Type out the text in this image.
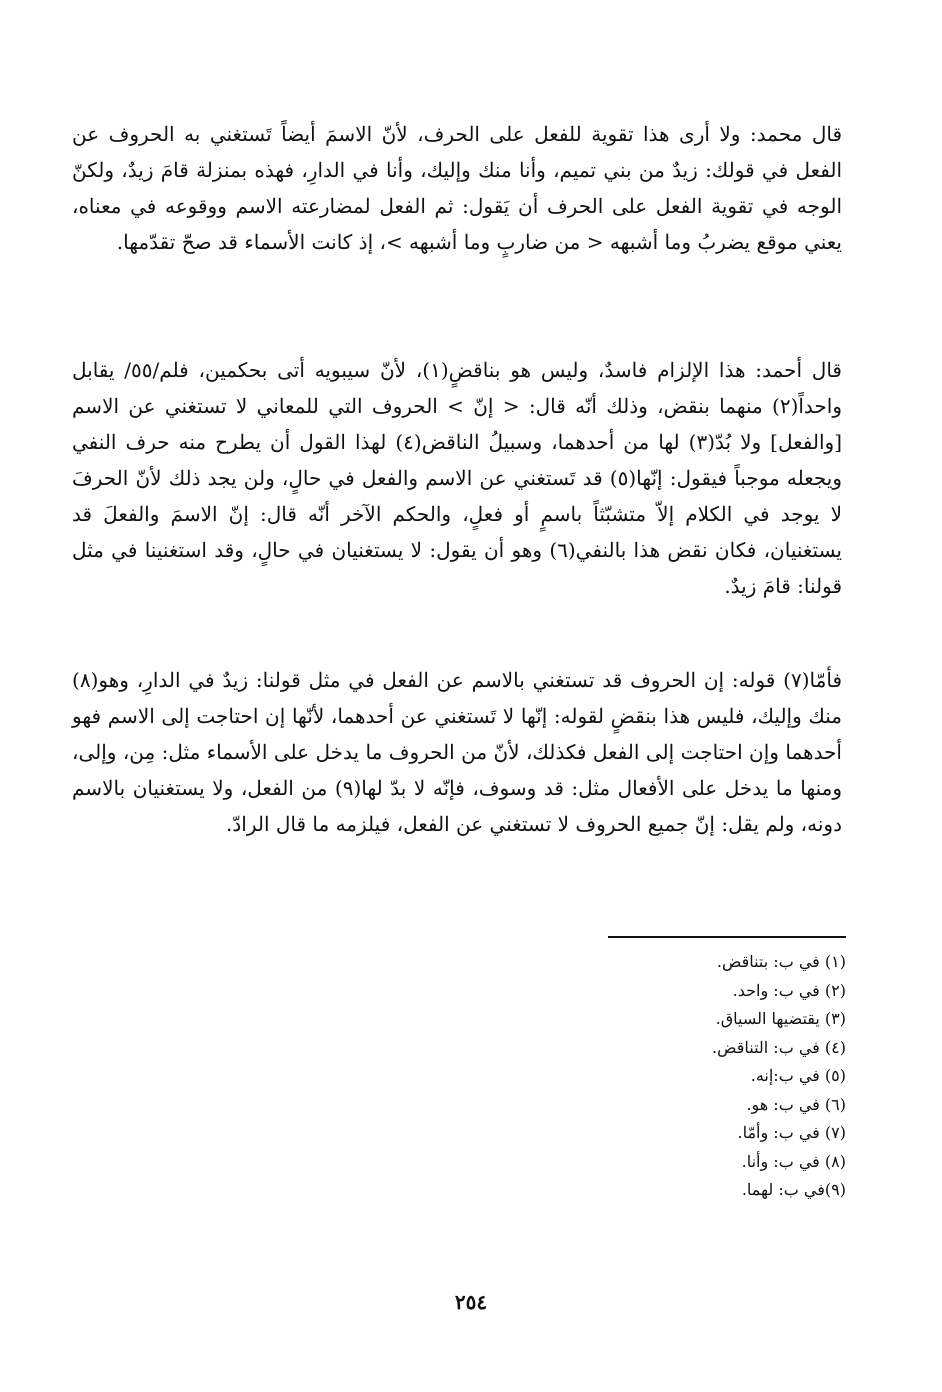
قال محمد: ولا أرى هذا تقوية للفعل على الحرف، لأنّ الاسمَ أيضاً تَستغني به الحروف عن الفعل في قولك: زيدٌ من بني تميم، وأنا منك وإليك، وأنا في الدارِ، فهذه بمنزلة قامَ زيدٌ، ولكنّ الوجه في تقوية الفعل على الحرف أن يَقول: ثم الفعل لمضارعته الاسم ووقوعه في معناه، يعني موقع يضربُ وما أشبهه < من ضاربٍ وما أشبهه >، إذ كانت الأسماء قد صحّ تقدّمها.

قال أحمد: هذا الإلزام فاسدٌ، وليس هو بناقضٍ(١)، لأنّ سيبويه أتى بحكمين، فلم/٥٥/ يقابل واحداً(٢) منهما بنقض، وذلك أنّه قال: < إنّ > الحروف التي للمعاني لا تستغني عن الاسم [والفعل] ولا بُدّ(٣) لها من أحدهما، وسبيلُ الناقض(٤) لهذا القول أن يطرح منه حرف النفي ويجعله موجباً فيقول: إنّها(٥) قد تَستغني عن الاسم والفعل في حالٍ، ولن يجد ذلك لأنّ الحرفَ لا يوجد في الكلام إلاّ متشبّثاً باسمٍ أو فعلٍ، والحكم الآخر أنّه قال: إنّ الاسمَ والفعلَ قد يستغنيان، فكان نقض هذا بالنفي(٦) وهو أن يقول: لا يستغنيان في حالٍ، وقد استغنينا في مثل قولنا: قامَ زيدٌ.

فأمّا(٧) قوله: إن الحروف قد تستغني بالاسم عن الفعل في مثل قولنا: زيدٌ في الدارِ، وهو(٨) منك وإليك، فليس هذا بنقضٍ لقوله: إنّها لا تَستغني عن أحدهما، لأنّها إن احتاجت إلى الاسم فهو أحدهما وإن احتاجت إلى الفعل فكذلك، لأنّ من الحروف ما يدخل على الأسماء مثل: مِن، وإلى، ومنها ما يدخل على الأفعال مثل: قد وسوف، فإنّه لا بدّ لها(٩) من الفعل، ولا يستغنيان بالاسم دونه، ولم يقل: إنّ جميع الحروف لا تستغني عن الفعل، فيلزمه ما قال الرادّ.

(١) في ب: بتناقض.
(٢) في ب: واحد.
(٣) يقتضيها السياق.
(٤) في ب: التناقض.
(٥) في ب:إنه.
(٦) في ب: هو.
(٧) في ب: وأمّا.
(٨) في ب: وأنا.
(٩)في ب: لهما.
٢٥٤
